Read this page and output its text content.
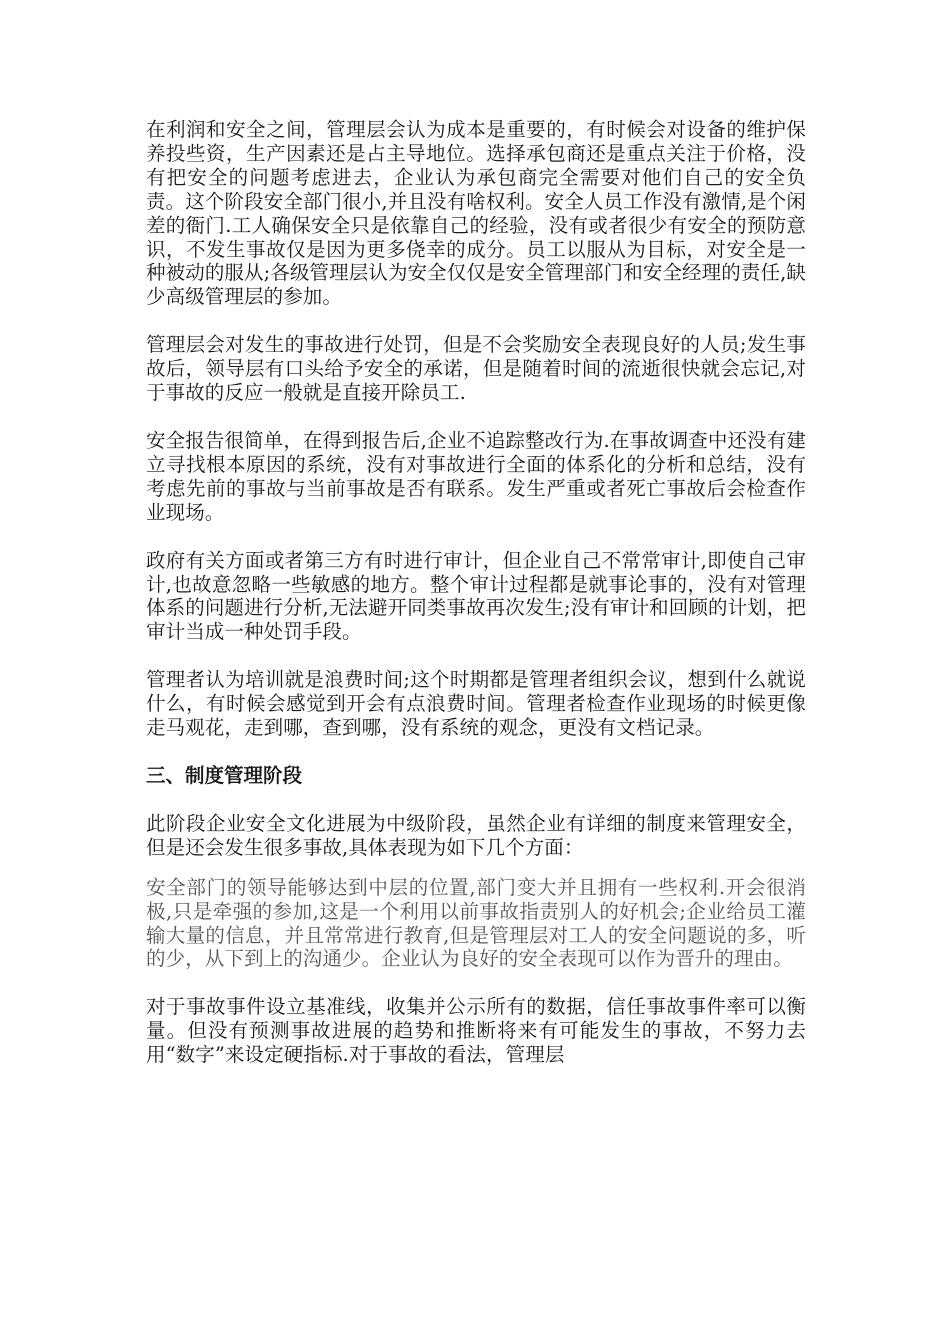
在利润和安全之间，管理层会认为成本是重要的，有时候会对设备的维护保养投些资，生产因素还是占主导地位。选择承包商还是重点关注于价格，没有把安全的问题考虑进去，企业认为承包商完全需要对他们自己的安全负责。这个阶段安全部门很小,并且没有啥权利。安全人员工作没有激情,是个闲差的衙门.工人确保安全只是依靠自己的经验，没有或者很少有安全的预防意识，不发生事故仅是因为更多侥幸的成分。员工以服从为目标，对安全是一种被动的服从;各级管理层认为安全仅仅是安全管理部门和安全经理的责任,缺少高级管理层的参加。

管理层会对发生的事故进行处罚，但是不会奖励安全表现良好的人员;发生事故后，领导层有口头给予安全的承诺，但是随着时间的流逝很快就会忘记,对于事故的反应一般就是直接开除员工.

安全报告很简单，在得到报告后,企业不追踪整改行为.在事故调查中还没有建立寻找根本原因的系统，没有对事故进行全面的体系化的分析和总结，没有考虑先前的事故与当前事故是否有联系。发生严重或者死亡事故后会检查作业现场。

政府有关方面或者第三方有时进行审计，但企业自己不常常审计,即使自己审计,也故意忽略一些敏感的地方。整个审计过程都是就事论事的，没有对管理体系的问题进行分析,无法避开同类事故再次发生;没有审计和回顾的计划，把审计当成一种处罚手段。

管理者认为培训就是浪费时间;这个时期都是管理者组织会议，想到什么就说什么，有时候会感觉到开会有点浪费时间。管理者检查作业现场的时候更像走马观花，走到哪，查到哪，没有系统的观念，更没有文档记录。

三、制度管理阶段

此阶段企业安全文化进展为中级阶段，虽然企业有详细的制度来管理安全，但是还会发生很多事故,具体表现为如下几个方面：

安全部门的领导能够达到中层的位置,部门变大并且拥有一些权利.开会很消极,只是牵强的参加,这是一个利用以前事故指责别人的好机会;企业给员工灌输大量的信息，并且常常进行教育,但是管理层对工人的安全问题说的多，听的少，从下到上的沟通少。企业认为良好的安全表现可以作为晋升的理由。

对于事故事件设立基准线，收集并公示所有的数据，信任事故事件率可以衡量。但没有预测事故进展的趋势和推断将来有可能发生的事故，不努力去用“数字”来设定硬指标.对于事故的看法，管理层
